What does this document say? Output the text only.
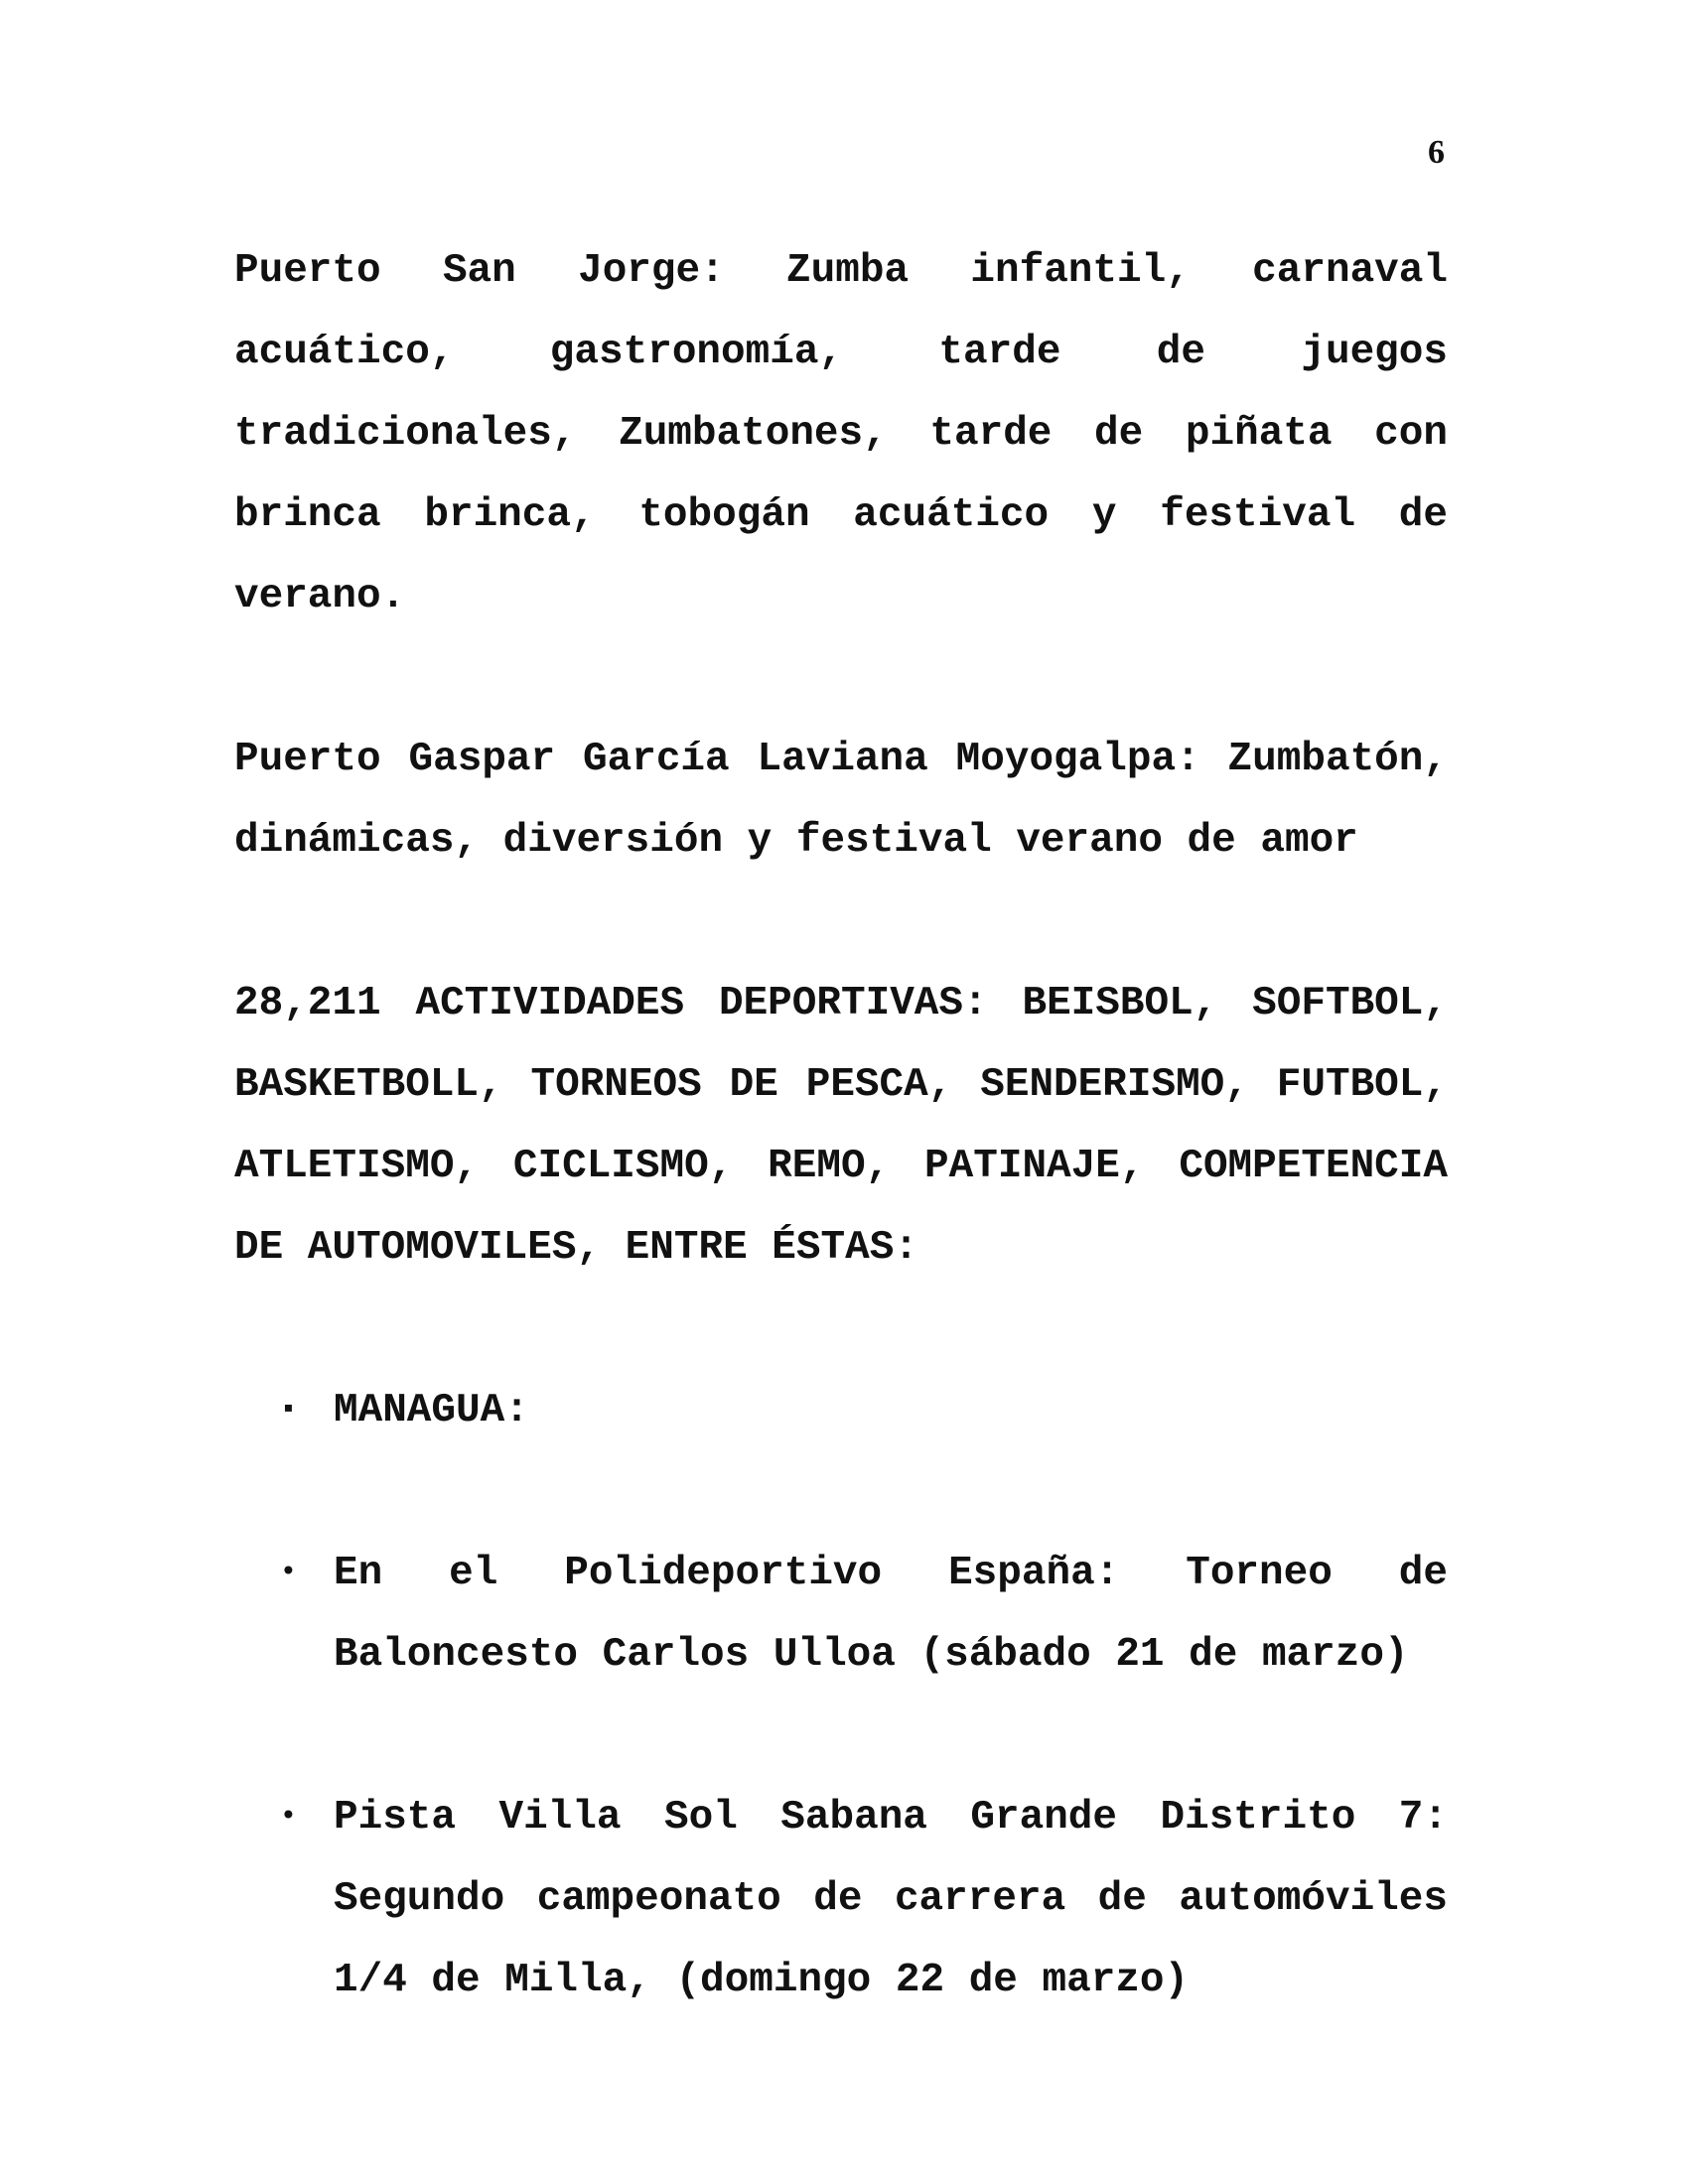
6

Puerto San Jorge: Zumba infantil, carnaval acuático, gastronomía, tarde de juegos tradicionales, Zumbatones, tarde de piñata con brinca brinca, tobogán acuático y festival de verano.

Puerto Gaspar García Laviana Moyogalpa: Zumbatón, dinámicas, diversión y festival verano de amor

28,211 ACTIVIDADES DEPORTIVAS: BEISBOL, SOFTBOL, BASKETBOLL, TORNEOS DE PESCA, SENDERISMO, FUTBOL, ATLETISMO, CICLISMO, REMO, PATINAJE, COMPETENCIA DE AUTOMOVILES, ENTRE ÉSTAS:

▪ MANAGUA:
• En el Polideportivo España: Torneo de Baloncesto Carlos Ulloa (sábado 21 de marzo)
• Pista Villa Sol Sabana Grande Distrito 7: Segundo campeonato de carrera de automóviles 1/4 de Milla, (domingo 22 de marzo)
